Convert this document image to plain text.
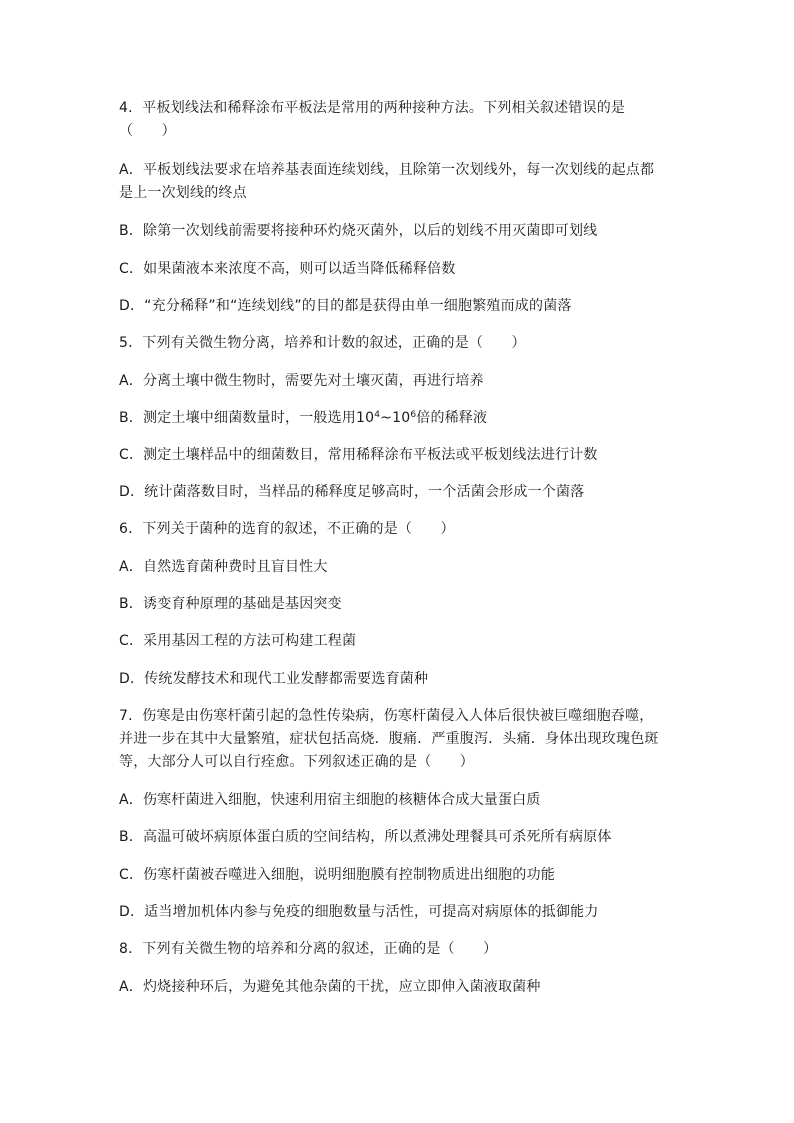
4．平板划线法和稀释涂布平板法是常用的两种接种方法。下列相关叙述错误的是
（　　）
A．平板划线法要求在培养基表面连续划线，且除第一次划线外，每一次划线的起点都
是上一次划线的终点
B．除第一次划线前需要将接种环灼烧灭菌外，以后的划线不用灭菌即可划线
C．如果菌液本来浓度不高，则可以适当降低稀释倍数
D．“充分稀释”和“连续划线”的目的都是获得由单一细胞繁殖而成的菌落
5．下列有关微生物分离，培养和计数的叙述，正确的是（　　）
A．分离土壤中微生物时，需要先对土壤灭菌，再进行培养
B．测定土壤中细菌数量时，一般选用$10^4\sim 10^6$倍的稀释液
C．测定土壤样品中的细菌数目，常用稀释涂布平板法或平板划线法进行计数
D．统计菌落数目时，当样品的稀释度足够高时，一个活菌会形成一个菌落
6．下列关于菌种的选育的叙述，不正确的是（　　）
A．自然选育菌种费时且盲目性大
B．诱变育种原理的基础是基因突变
C．采用基因工程的方法可构建工程菌
D．传统发酵技术和现代工业发酵都需要选育菌种
7．伤寒是由伤寒杆菌引起的急性传染病，伤寒杆菌侵入人体后很快被巨噬细胞吞噬，
并进一步在其中大量繁殖，症状包括高烧．腹痛．严重腹泻．头痛．身体出现玫瑰色斑
等，大部分人可以自行痊愈。下列叙述正确的是（　　）
A．伤寒杆菌进入细胞，快速利用宿主细胞的核糖体合成大量蛋白质
B．高温可破坏病原体蛋白质的空间结构，所以煮沸处理餐具可杀死所有病原体
C．伤寒杆菌被吞噬进入细胞，说明细胞膜有控制物质进出细胞的功能
D．适当增加机体内参与免疫的细胞数量与活性，可提高对病原体的抵御能力
8．下列有关微生物的培养和分离的叙述，正确的是（　　）
A．灼烧接种环后，为避免其他杂菌的干扰，应立即伸入菌液取菌种
